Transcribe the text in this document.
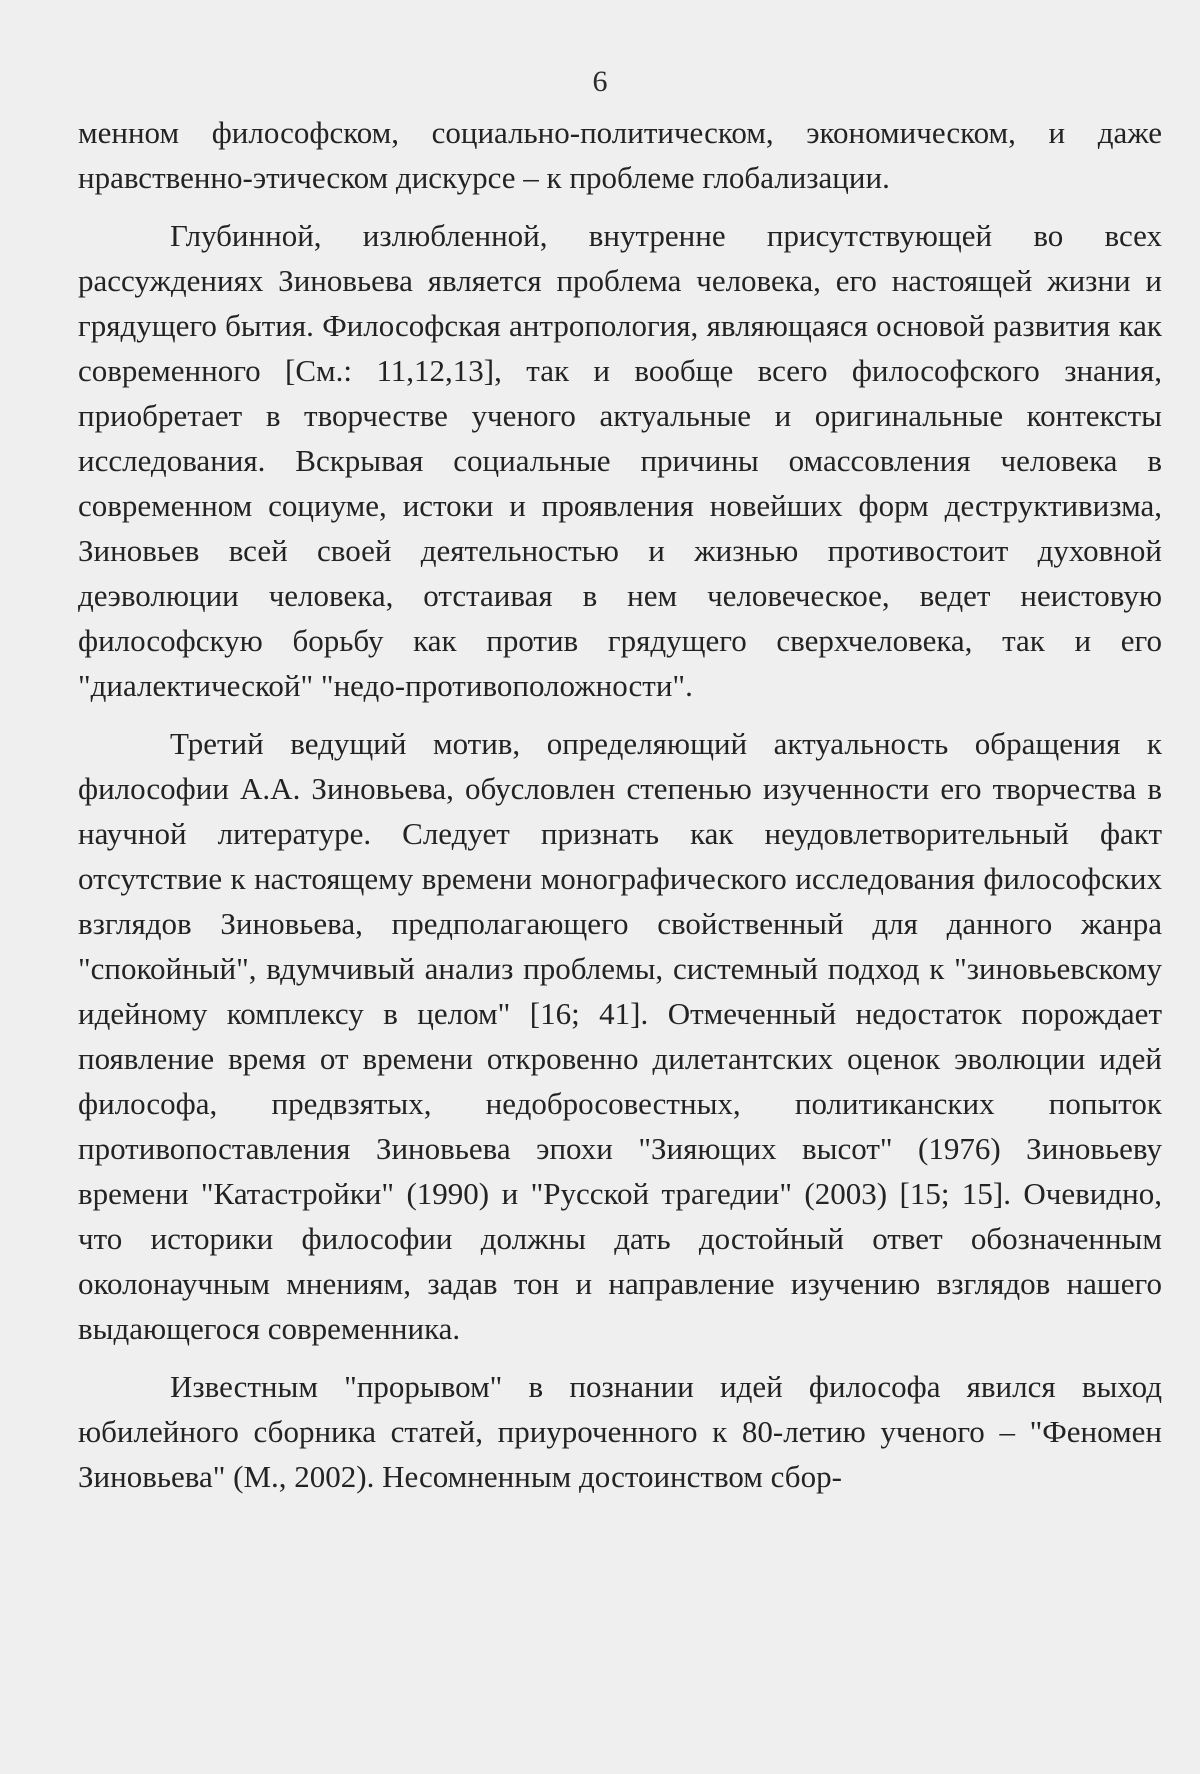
6

менном философском, социально-политическом, экономическом, и даже нравственно-этическом дискурсе – к проблеме глобализации.

Глубинной, излюбленной, внутренне присутствующей во всех рассуждениях Зиновьева является проблема человека, его настоящей жизни и грядущего бытия. Философская антропология, являющаяся основой развития как современного [См.: 11,12,13], так и вообще всего философского знания, приобретает в творчестве ученого актуальные и оригинальные контексты исследования. Вскрывая социальные причины омассовления человека в современном социуме, истоки и проявления новейших форм деструктивизма, Зиновьев всей своей деятельностью и жизнью противостоит духовной деэволюции человека, отстаивая в нем человеческое, ведет неистовую философскую борьбу как против грядущего сверхчеловека, так и его "диалектической" "недо-противоположности".

Третий ведущий мотив, определяющий актуальность обращения к философии А.А. Зиновьева, обусловлен степенью изученности его творчества в научной литературе. Следует признать как неудовлетворительный факт отсутствие к настоящему времени монографического исследования философских взглядов Зиновьева, предполагающего свойственный для данного жанра "спокойный", вдумчивый анализ проблемы, системный подход к "зиновьевскому идейному комплексу в целом" [16; 41]. Отмеченный недостаток порождает появление время от времени откровенно дилетантских оценок эволюции идей философа, предвзятых, недобросовестных, политиканских попыток противопоставления Зиновьева эпохи "Зияющих высот" (1976) Зиновьеву времени "Катастройки" (1990) и "Русской трагедии" (2003) [15; 15]. Очевидно, что историки философии должны дать достойный ответ обозначенным околонаучным мнениям, задав тон и направление изучению взглядов нашего выдающегося современника.

Известным "прорывом" в познании идей философа явился выход юбилейного сборника статей, приуроченного к 80-летию ученого – "Феномен Зиновьева" (М., 2002). Несомненным достоинством сбор-
